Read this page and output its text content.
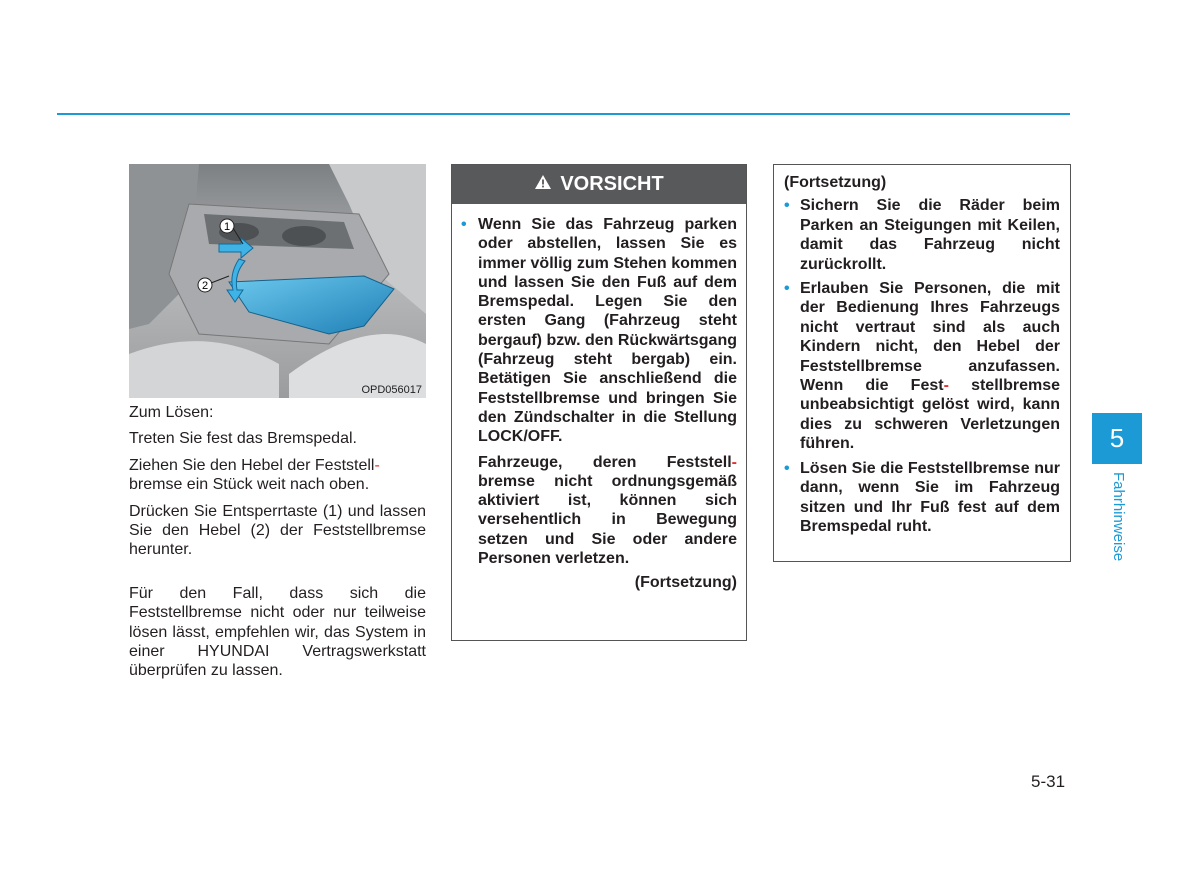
1
2
OPD056017

Zum Lösen:

Treten Sie fest das Bremspedal.

Ziehen Sie den Hebel der Feststell-
bremse ein Stück weit nach oben.

Drücken Sie Entsperrtaste (1) und lassen Sie den Hebel (2) der Feststellbremse herunter.

Für den Fall, dass sich die Feststellbremse nicht oder nur teilweise lösen lässt, empfehlen wir, das System in einer HYUNDAI Vertragswerkstatt überprüfen zu lassen.

VORSICHT
• Wenn Sie das Fahrzeug parken oder abstellen, lassen Sie es immer völlig zum Stehen kommen und lassen Sie den Fuß auf dem Bremspedal. Legen Sie den ersten Gang (Fahrzeug steht bergauf) bzw. den Rückwärtsgang (Fahrzeug steht bergab) ein. Betätigen Sie anschließend die Feststellbremse und bringen Sie den Zündschalter in die Stellung LOCK/OFF.
Fahrzeuge, deren Feststell- bremse nicht ordnungsgemäß aktiviert ist, können sich versehentlich in Bewegung setzen und Sie oder andere Personen verletzen.
(Fortsetzung)
(Fortsetzung)
• Sichern Sie die Räder beim Parken an Steigungen mit Keilen, damit das Fahrzeug nicht zurückrollt.
• Erlauben Sie Personen, die mit der Bedienung Ihres Fahrzeugs nicht vertraut sind als auch Kindern nicht, den Hebel der Feststellbremse anzufassen. Wenn die Fest- stellbremse unbeabsichtigt gelöst wird, kann dies zu schweren Verletzungen führen.
• Lösen Sie die Feststellbremse nur dann, wenn Sie im Fahrzeug sitzen und Ihr Fuß fest auf dem Bremspedal ruht.
5
Fahrhinweise
5-31
